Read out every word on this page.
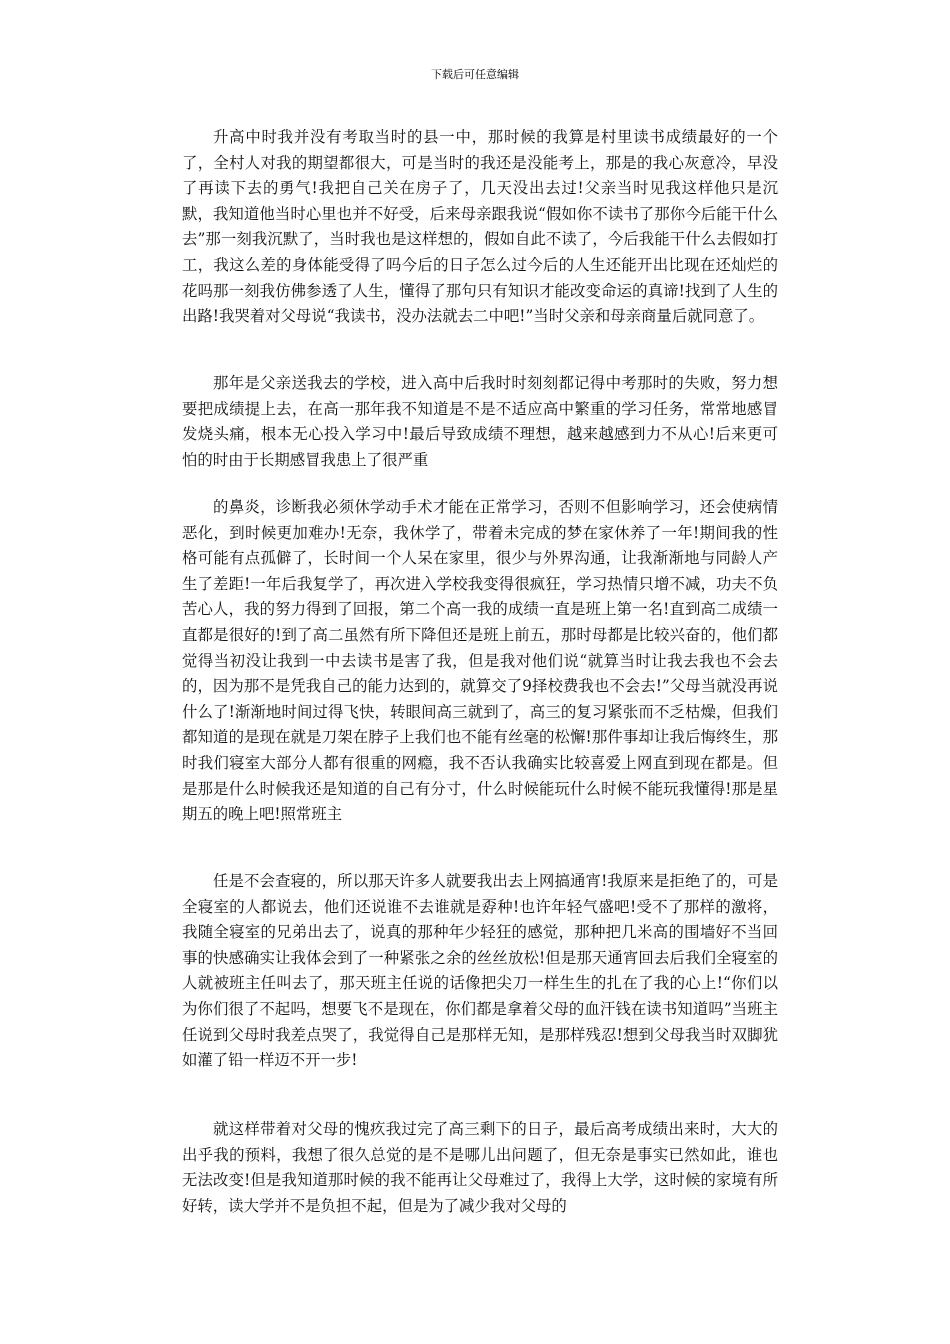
下载后可任意编辑

升高中时我并没有考取当时的县一中，那时候的我算是村里读书成绩最好的一个了，全村人对我的期望都很大，可是当时的我还是没能考上，那是的我心灰意冷，早没了再读下去的勇气!我把自己关在房子了，几天没出去过!父亲当时见我这样他只是沉默，我知道他当时心里也并不好受，后来母亲跟我说“假如你不读书了那你今后能干什么去”那一刻我沉默了，当时我也是这样想的，假如自此不读了，今后我能干什么去假如打工，我这么差的身体能受得了吗今后的日子怎么过今后的人生还能开出比现在还灿烂的花吗那一刻我仿佛参透了人生，懂得了那句只有知识才能改变命运的真谛!找到了人生的出路!我哭着对父母说“我读书，没办法就去二中吧!”当时父亲和母亲商量后就同意了。

那年是父亲送我去的学校，进入高中后我时时刻刻都记得中考那时的失败，努力想要把成绩提上去，在高一那年我不知道是不是不适应高中繁重的学习任务，常常地感冒发烧头痛，根本无心投入学习中!最后导致成绩不理想，越来越感到力不从心!后来更可怕的时由于长期感冒我患上了很严重

的鼻炎，诊断我必须休学动手术才能在正常学习，否则不但影响学习，还会使病情恶化，到时候更加难办!无奈，我休学了，带着未完成的梦在家休养了一年!期间我的性格可能有点孤僻了，长时间一个人呆在家里，很少与外界沟通，让我渐渐地与同龄人产生了差距!一年后我复学了，再次进入学校我变得很疯狂，学习热情只增不减，功夫不负苦心人，我的努力得到了回报，第二个高一我的成绩一直是班上第一名!直到高二成绩一直都是很好的!到了高二虽然有所下降但还是班上前五，那时母都是比较兴奋的，他们都觉得当初没让我到一中去读书是害了我，但是我对他们说“就算当时让我去我也不会去的，因为那不是凭我自己的能力达到的，就算交了9择校费我也不会去!”父母当就没再说什么了!渐渐地时间过得飞快，转眼间高三就到了，高三的复习紧张而不乏枯燥，但我们都知道的是现在就是刀架在脖子上我们也不能有丝毫的松懈!那件事却让我后悔终生，那时我们寝室大部分人都有很重的网瘾，我不否认我确实比较喜爱上网直到现在都是。但是那是什么时候我还是知道的自己有分寸，什么时候能玩什么时候不能玩我懂得!那是星期五的晚上吧!照常班主

任是不会查寝的，所以那天许多人就要我出去上网搞通宵!我原来是拒绝了的，可是全寝室的人都说去，他们还说谁不去谁就是孬种!也许年轻气盛吧!受不了那样的激将，我随全寝室的兄弟出去了，说真的那种年少轻狂的感觉，那种把几米高的围墙好不当回事的快感确实让我体会到了一种紧张之余的丝丝放松!但是那天通宵回去后我们全寝室的人就被班主任叫去了，那天班主任说的话像把尖刀一样生生的扎在了我的心上!“你们以为你们很了不起吗，想要飞不是现在，你们都是拿着父母的血汗钱在读书知道吗”当班主任说到父母时我差点哭了，我觉得自己是那样无知，是那样残忍!想到父母我当时双脚犹如灌了铅一样迈不开一步!

就这样带着对父母的愧疚我过完了高三剩下的日子，最后高考成绩出来时，大大的出乎我的预料，我想了很久总觉的是不是哪儿出问题了，但无奈是事实已然如此，谁也无法改变!但是我知道那时候的我不能再让父母难过了，我得上大学，这时候的家境有所好转，读大学并不是负担不起，但是为了减少我对父母的
